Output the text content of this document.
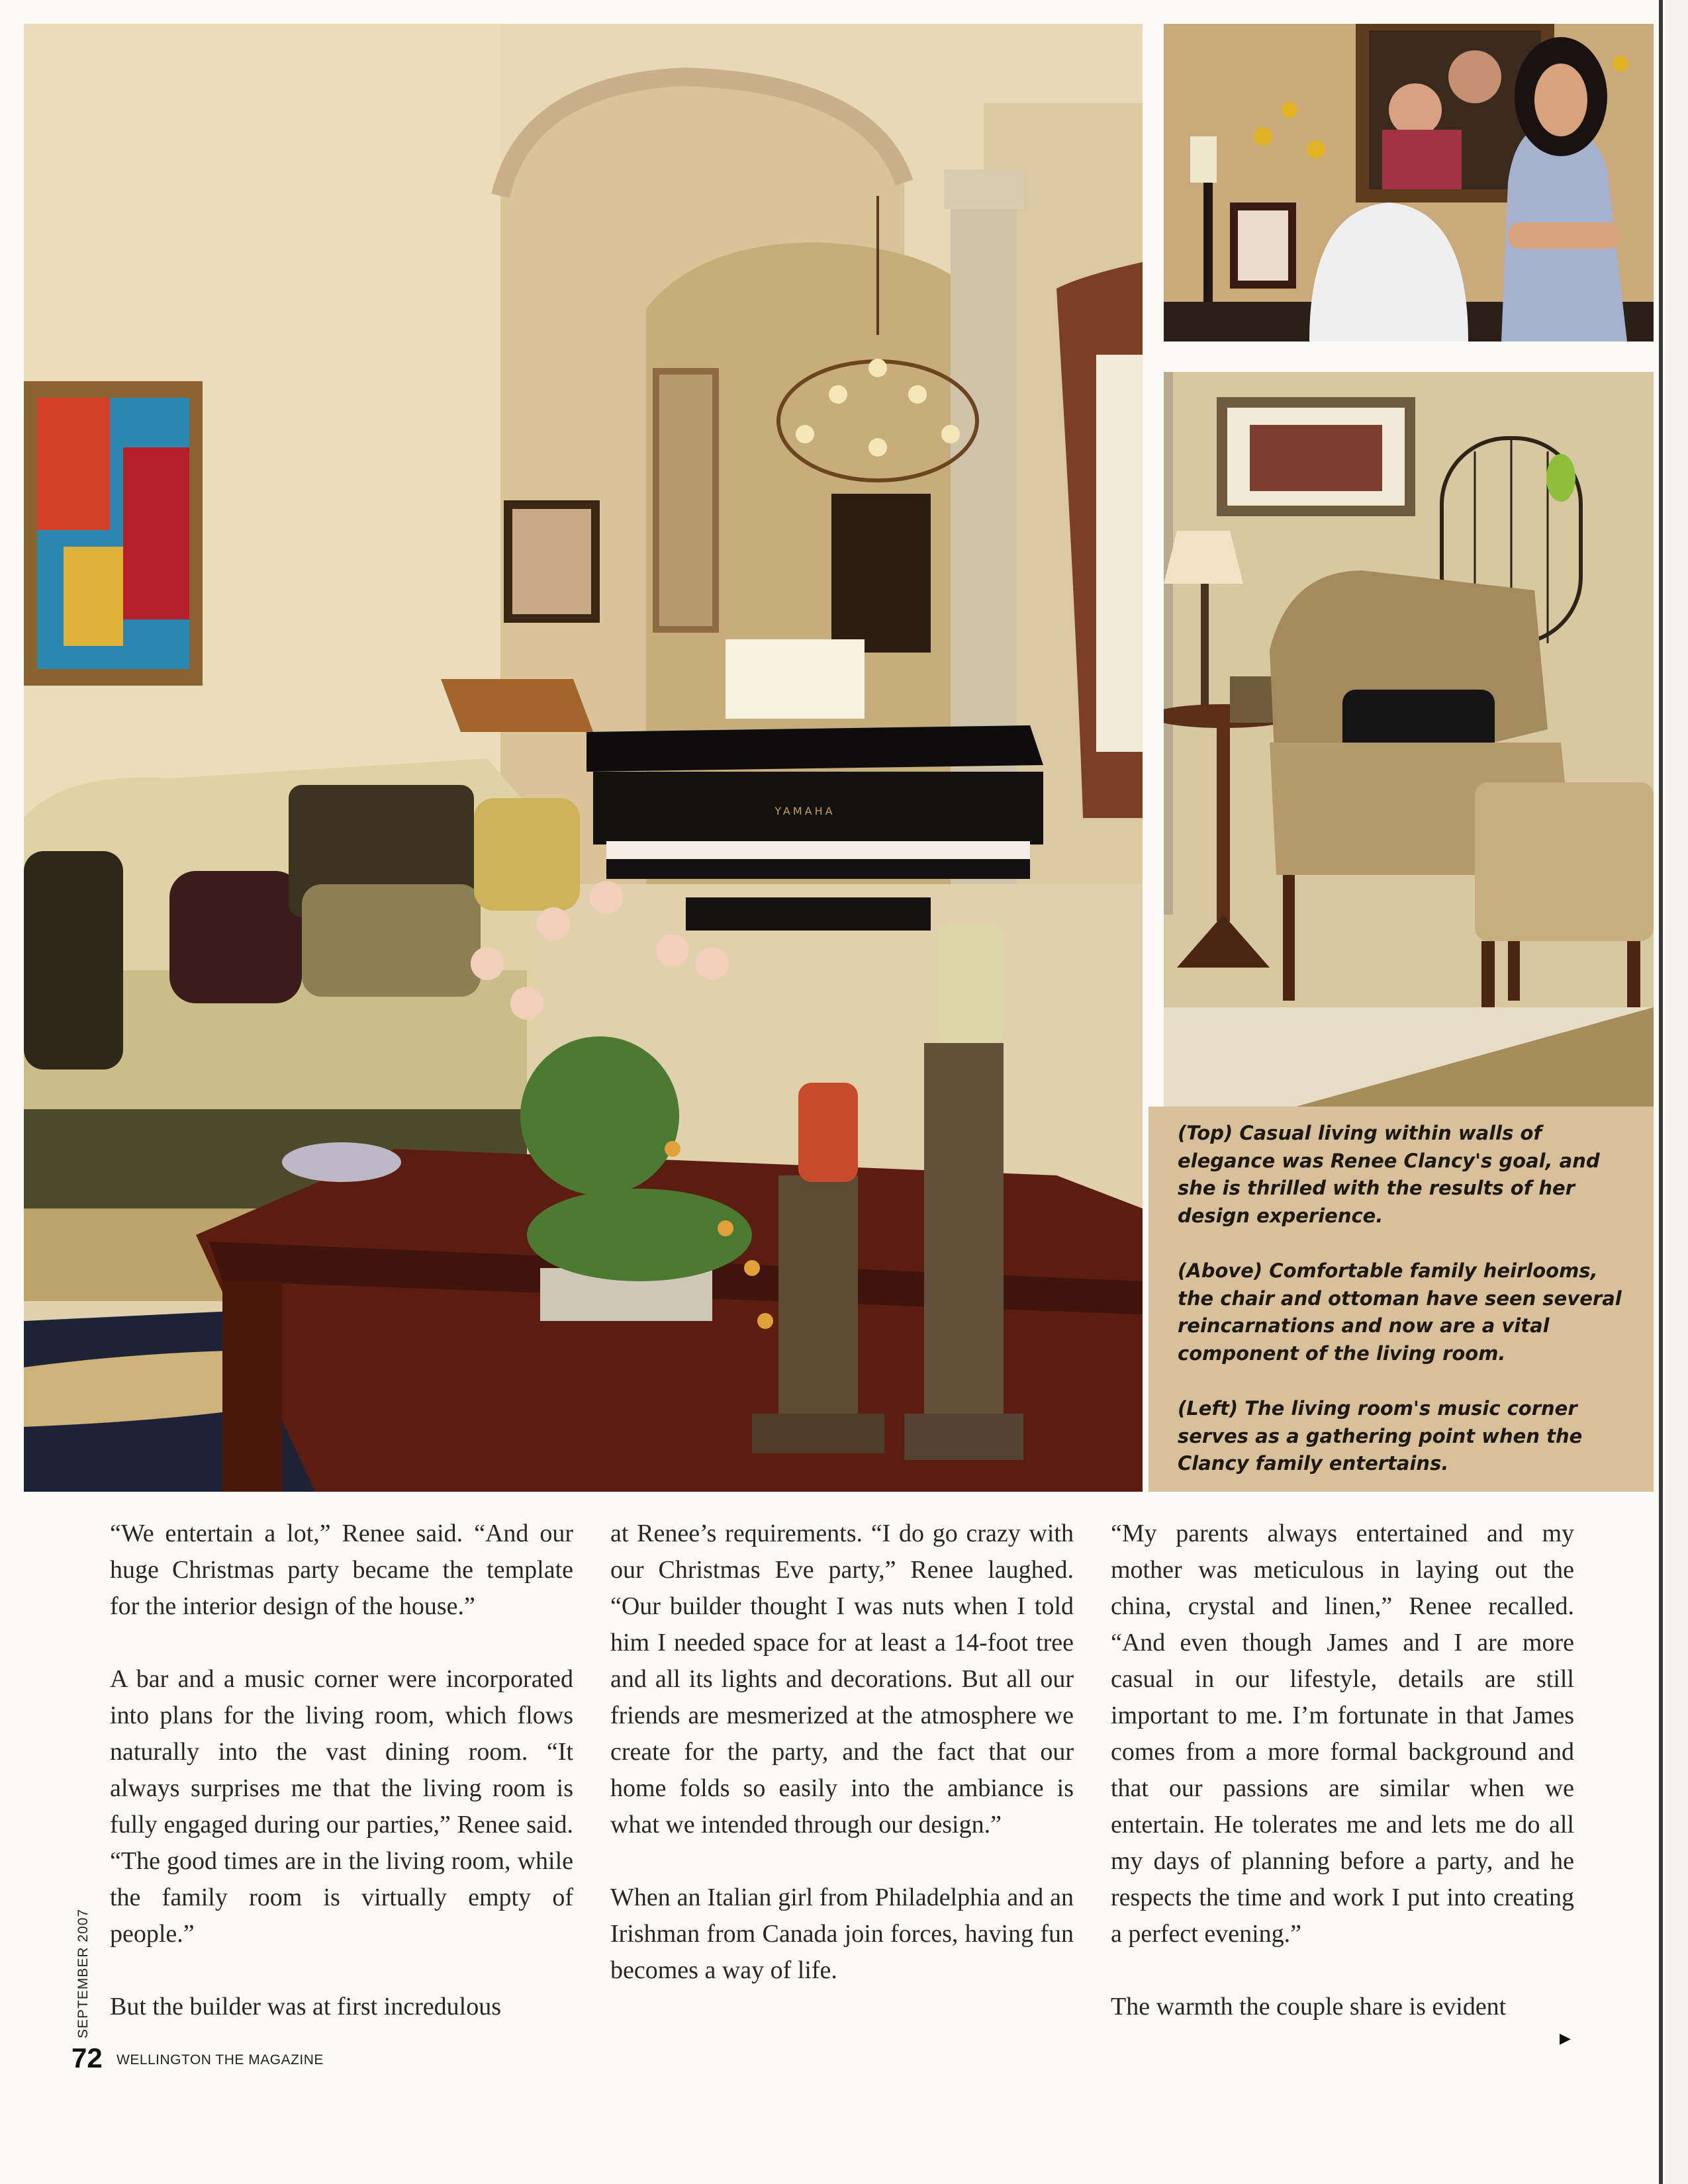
YAMAHA
(Top) Casual living within walls of elegance was Renee Clancy's goal, and she is thrilled with the results of her design experience.
(Above) Comfortable family heirlooms, the chair and ottoman have seen several reincarnations and now are a vital component of the living room.
(Left) The living room's music corner serves as a gathering point when the Clancy family entertains.

“We entertain a lot,” Renee said. “And our huge Christmas party became the template for the interior design of the house.”

A bar and a music corner were incorporated into plans for the living room, which flows naturally into the vast dining room. “It always surprises me that the living room is fully engaged during our parties,” Renee said. “The good times are in the living room, while the family room is virtually empty of people.”

But the builder was at first incredulous

at Renee’s requirements. “I do go crazy with our Christmas Eve party,” Renee laughed. “Our builder thought I was nuts when I told him I needed space for at least a 14-foot tree and all its lights and decorations. But all our friends are mesmerized at the atmosphere we create for the party, and the fact that our home folds so easily into the ambiance is what we intended through our design.”

When an Italian girl from Philadelphia and an Irishman from Canada join forces, having fun becomes a way of life.

“My parents always entertained and my mother was meticulous in laying out the china, crystal and linen,” Renee recalled. “And even though James and I are more casual in our lifestyle, details are still important to me. I’m fortunate in that James comes from a more formal background and that our passions are similar when we entertain. He tolerates me and lets me do all my days of planning before a party, and he respects the time and work I put into creating a perfect evening.”

The warmth the couple share is evident

▶
SEPTEMBER 2007
72 WELLINGTON THE MAGAZINE
